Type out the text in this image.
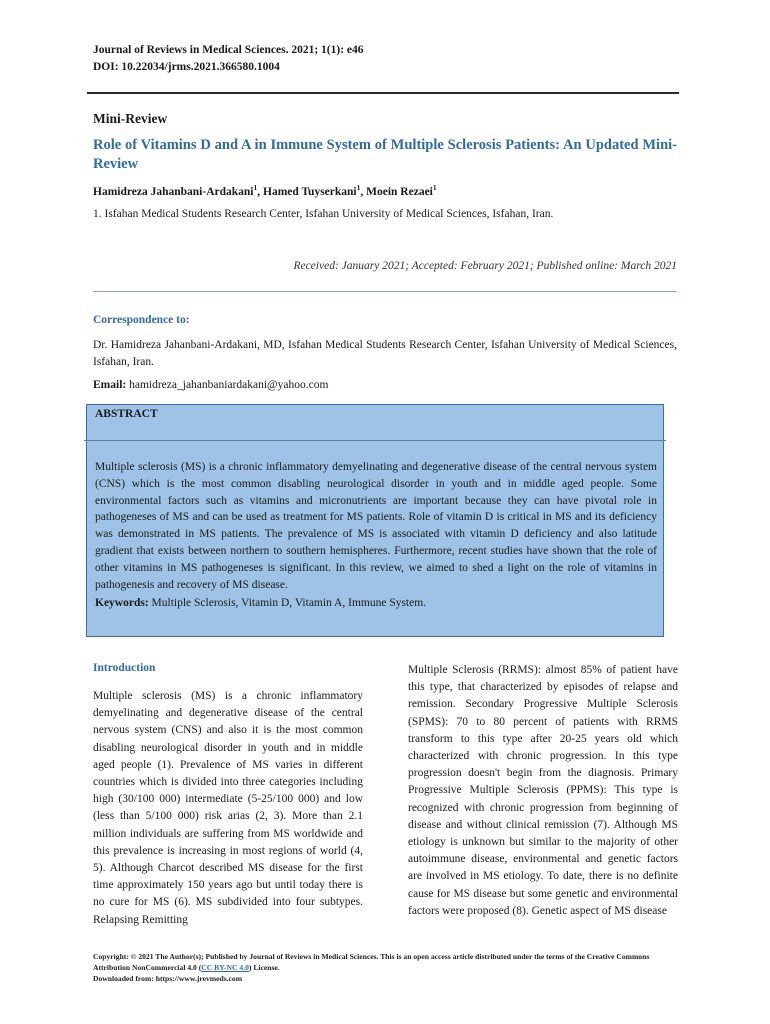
Journal of Reviews in Medical Sciences. 2021; 1(1): e46
DOI: 10.22034/jrms.2021.366580.1004
Mini-Review
Role of Vitamins D and A in Immune System of Multiple Sclerosis Patients: An Updated Mini-Review
Hamidreza Jahanbani-Ardakani$^1$, Hamed Tuyserkani$^1$, Moein Rezaei$^1$
1. Isfahan Medical Students Research Center, Isfahan University of Medical Sciences, Isfahan, Iran.
Received: January 2021; Accepted: February 2021; Published online: March 2021
Correspondence to:
Dr. Hamidreza Jahanbani-Ardakani, MD, Isfahan Medical Students Research Center, Isfahan University of Medical Sciences, Isfahan, Iran.
Email: hamidreza_jahanbaniardakani@yahoo.com
ABSTRACT
Multiple sclerosis (MS) is a chronic inflammatory demyelinating and degenerative disease of the central nervous system (CNS) which is the most common disabling neurological disorder in youth and in middle aged people. Some environmental factors such as vitamins and micronutrients are important because they can have pivotal role in pathogeneses of MS and can be used as treatment for MS patients. Role of vitamin D is critical in MS and its deficiency was demonstrated in MS patients. The prevalence of MS is associated with vitamin D deficiency and also latitude gradient that exists between northern to southern hemispheres. Furthermore, recent studies have shown that the role of other vitamins in MS pathogeneses is significant. In this review, we aimed to shed a light on the role of vitamins in pathogenesis and recovery of MS disease.
Keywords: Multiple Sclerosis, Vitamin D, Vitamin A, Immune System.
Introduction
Multiple sclerosis (MS) is a chronic inflammatory demyelinating and degenerative disease of the central nervous system (CNS) and also it is the most common disabling neurological disorder in youth and in middle aged people (1). Prevalence of MS varies in different countries which is divided into three categories including high (30/100 000) intermediate (5-25/100 000) and low (less than 5/100 000) risk arias (2, 3). More than 2.1 million individuals are suffering from MS worldwide and this prevalence is increasing in most regions of world (4, 5). Although Charcot described MS disease for the first time approximately 150 years ago but until today there is no cure for MS (6). MS subdivided into four subtypes. Relapsing Remitting
Multiple Sclerosis (RRMS): almost 85% of patient have this type, that characterized by episodes of relapse and remission. Secondary Progressive Multiple Sclerosis (SPMS): 70 to 80 percent of patients with RRMS transform to this type after 20-25 years old which characterized with chronic progression. In this type progression doesn't begin from the diagnosis. Primary Progressive Multiple Sclerosis (PPMS): This type is recognized with chronic progression from beginning of disease and without clinical remission (7). Although MS etiology is unknown but similar to the majority of other autoimmune disease, environmental and genetic factors are involved in MS etiology. To date, there is no definite cause for MS disease but some genetic and environmental factors were proposed (8). Genetic aspect of MS disease
Copyright: © 2021 The Author(s); Published by Journal of Reviews in Medical Sciences. This is an open access article distributed under the terms of the Creative Commons Attribution NonCommercial 4.0 (CC BY-NC 4.0) License.
Downloaded from: https://www.jrevmeds.com
